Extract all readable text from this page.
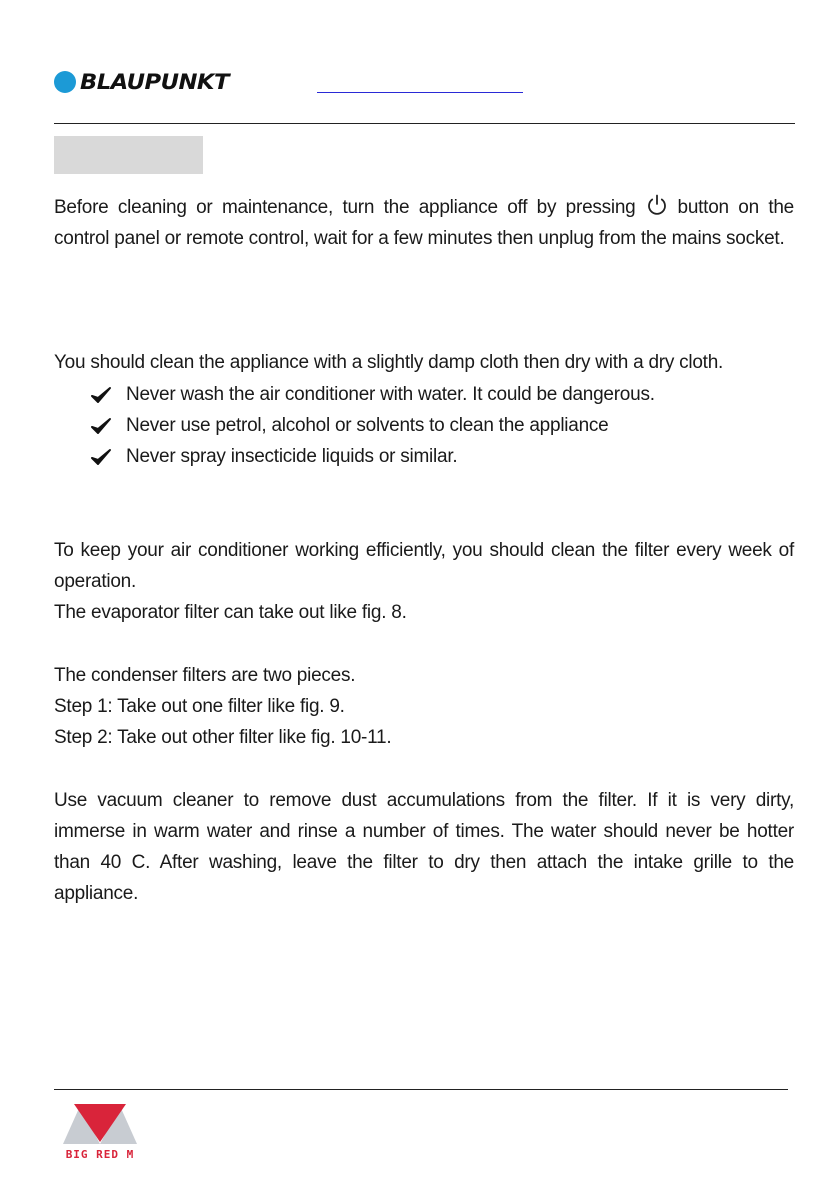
BLAUPUNKT
Before cleaning or maintenance, turn the appliance off by pressing button on the control panel or remote control, wait for a few minutes then unplug from the mains socket.
You should clean the appliance with a slightly damp cloth then dry with a dry cloth.
Never wash the air conditioner with water. It could be dangerous.
Never use petrol, alcohol or solvents to clean the appliance
Never spray insecticide liquids or similar.
To keep your air conditioner working efficiently, you should clean the filter every week of operation.
The evaporator filter can take out like fig. 8.
The condenser filters are two pieces.
Step 1: Take out one filter like fig. 9.
Step 2: Take out other filter like fig. 10-11.
Use vacuum cleaner to remove dust accumulations from the filter. If it is very dirty, immerse in warm water and rinse a number of times. The water should never be hotter than 40 C. After washing, leave the filter to dry then attach the intake grille to the appliance.
BIG RED M
